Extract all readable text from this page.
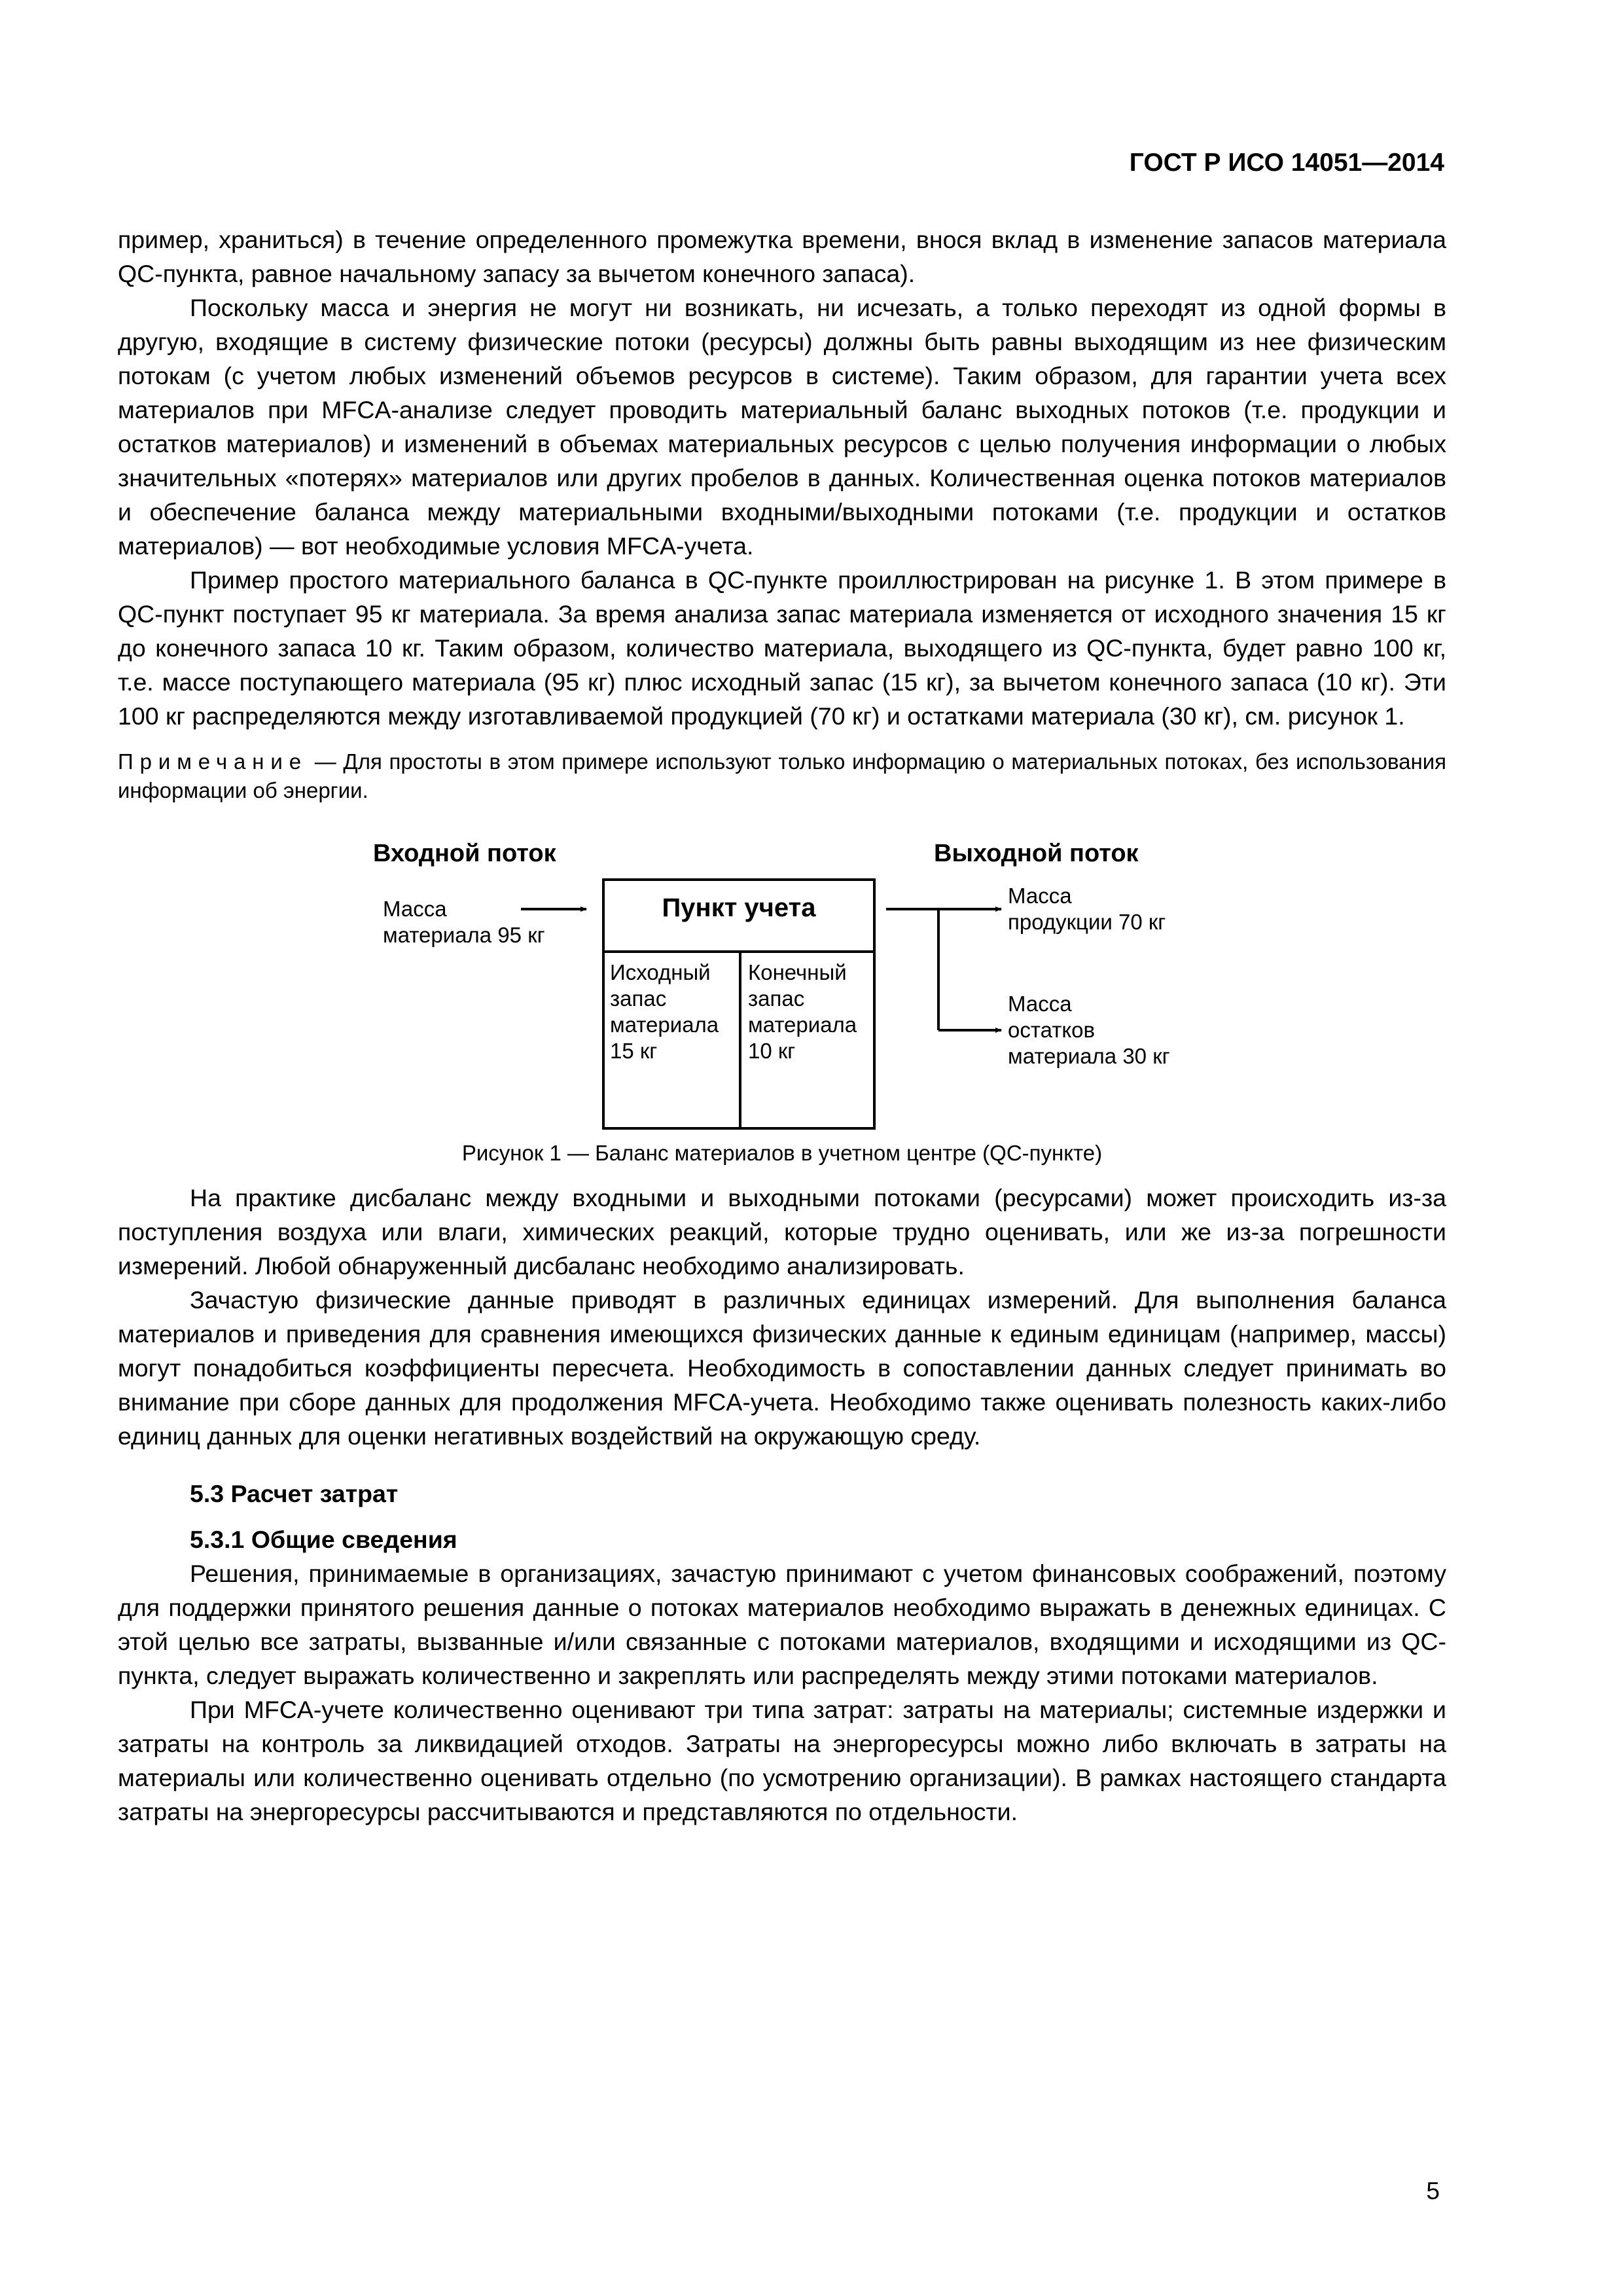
ГОСТ Р ИСО 14051—2014

пример, храниться) в течение определенного промежутка времени, внося вклад в изменение запасов материала QC-пункта, равное начальному запасу за вычетом конечного запаса).

Поскольку масса и энергия не могут ни возникать, ни исчезать, а только переходят из одной формы в другую, входящие в систему физические потоки (ресурсы) должны быть равны выходящим из нее физическим потокам (с учетом любых изменений объемов ресурсов в системе). Таким образом, для гарантии учета всех материалов при MFCA-анализе следует проводить материальный баланс выходных потоков (т.е. продукции и остатков материалов) и изменений в объемах материальных ресурсов с целью получения информации о любых значительных «потерях» материалов или других пробелов в данных. Количественная оценка потоков материалов и обеспечение баланса между материальными входными/выходными потоками (т.е. продукции и остатков материалов) — вот необходимые условия MFCA-учета.

Пример простого материального баланса в QC-пункте проиллюстрирован на рисунке 1. В этом примере в QC-пункт поступает 95 кг материала. За время анализа запас материала изменяется от исходного значения 15 кг до конечного запаса 10 кг. Таким образом, количество материала, выходящего из QC-пункта, будет равно 100 кг, т.е. массе поступающего материала (95 кг) плюс исходный запас (15 кг), за вычетом конечного запаса (10 кг). Эти 100 кг распределяются между изготавливаемой продукцией (70 кг) и остатками материала (30 кг), см. рисунок 1.

Примечание — Для простоты в этом примере используют только информацию о материальных потоках, без использования информации об энергии.

Входной поток	Выходной поток
Масса
материала 95 кг
Пункт учета
Исходный
запас
материала
15 кг
Конечный
запас
материала
10 кг
Масса
продукции 70 кг
Масса
остатков
материала 30 кг
Рисунок 1 — Баланс материалов в учетном центре (QC-пункте)

На практике дисбаланс между входными и выходными потоками (ресурсами) может происходить из-за поступления воздуха или влаги, химических реакций, которые трудно оценивать, или же из-за погрешности измерений. Любой обнаруженный дисбаланс необходимо анализировать.

Зачастую физические данные приводят в различных единицах измерений. Для выполнения баланса материалов и приведения для сравнения имеющихся физических данные к единым единицам (например, массы) могут понадобиться коэффициенты пересчета. Необходимость в сопоставлении данных следует принимать во внимание при сборе данных для продолжения MFCA-учета. Необходимо также оценивать полезность каких-либо единиц данных для оценки негативных воздействий на окружающую среду.

5.3 Расчет затрат

5.3.1 Общие сведения

Решения, принимаемые в организациях, зачастую принимают с учетом финансовых соображений, поэтому для поддержки принятого решения данные о потоках материалов необходимо выражать в денежных единицах. С этой целью все затраты, вызванные и/или связанные с потоками материалов, входящими и исходящими из QC-пункта, следует выражать количественно и закреплять или распределять между этими потоками материалов.

При MFCA-учете количественно оценивают три типа затрат: затраты на материалы; системные издержки и затраты на контроль за ликвидацией отходов. Затраты на энергоресурсы можно либо включать в затраты на материалы или количественно оценивать отдельно (по усмотрению организации). В рамках настоящего стандарта затраты на энергоресурсы рассчитываются и представляются по отдельности.

5
